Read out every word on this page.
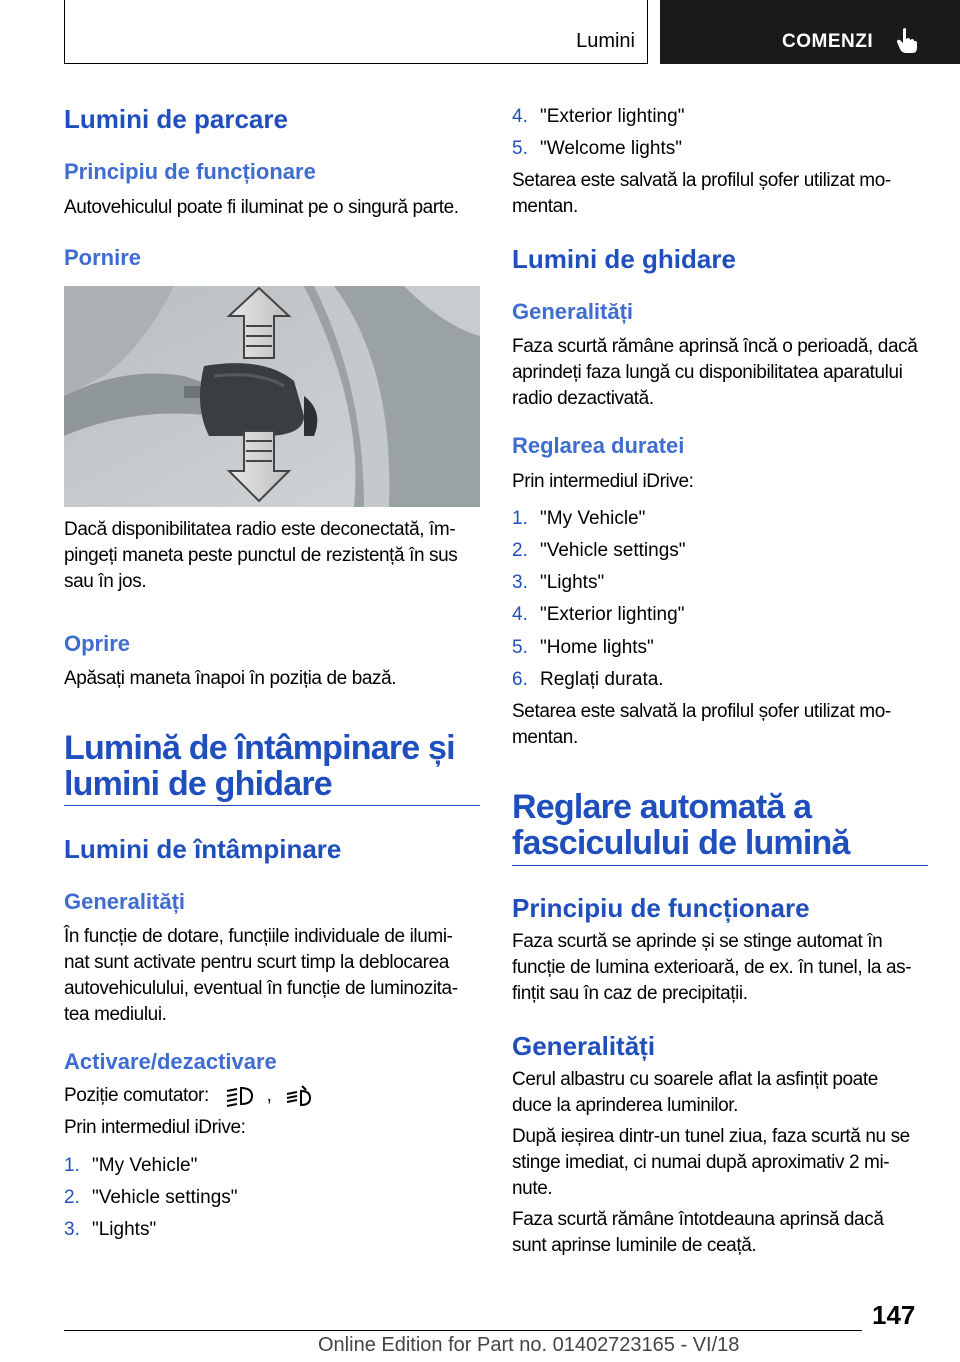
Lumini	COMENZI
Lumini de parcare
Principiu de funcționare
Autovehiculul poate fi iluminat pe o singură parte.
Pornire
Dacă disponibilitatea radio este deconectată, îm-
pingeți maneta peste punctul de rezistență în sus
sau în jos.
Oprire
Apăsați maneta înapoi în poziția de bază.
Lumină de întâmpinare și
lumini de ghidare
Lumini de întâmpinare
Generalități
În funcție de dotare, funcțiile individuale de ilumi-
nat sunt activate pentru scurt timp la deblocarea
autovehiculului, eventual în funcție de luminozita-
tea mediului.
Activare/dezactivare
Poziție comutator:	,
Prin intermediul iDrive:
1. "My Vehicle"
2. "Vehicle settings"
3. "Lights"
4. "Exterior lighting"
5. "Welcome lights"
Setarea este salvată la profilul șofer utilizat mo-
mentan.
Lumini de ghidare
Generalități
Faza scurtă rămâne aprinsă încă o perioadă, dacă
aprindeți faza lungă cu disponibilitatea aparatului
radio dezactivată.
Reglarea duratei
Prin intermediul iDrive:
1. "My Vehicle"
2. "Vehicle settings"
3. "Lights"
4. "Exterior lighting"
5. "Home lights"
6. Reglați durata.
Setarea este salvată la profilul șofer utilizat mo-
mentan.
Reglare automată a
fasciculului de lumină
Principiu de funcționare
Faza scurtă se aprinde și se stinge automat în
funcție de lumina exterioară, de ex. în tunel, la as-
fințit sau în caz de precipitații.
Generalități
Cerul albastru cu soarele aflat la asfințit poate
duce la aprinderea luminilor.
După ieșirea dintr-un tunel ziua, faza scurtă nu se
stinge imediat, ci numai după aproximativ 2 mi-
nute.
Faza scurtă rămâne întotdeauna aprinsă dacă
sunt aprinse luminile de ceață.
147
Online Edition for Part no. 01402723165 - VI/18
